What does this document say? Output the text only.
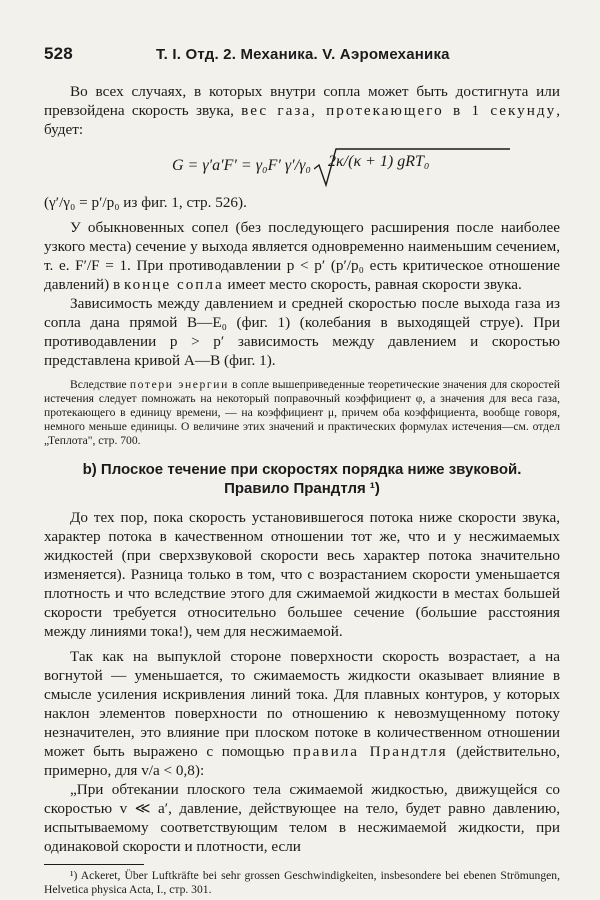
528	Т. I. Отд. 2. Механика. V. Аэромеханика

Во всех случаях, в которых внутри сопла может быть достигнута или превзойдена скорость звука, вес газа, протекающего в 1 секунду, будет:

G = γ′a′F′ = γ₀F′ γ′/γ₀ 2κ/(κ + 1) gRT₀

(γ′/γ₀ = p′/p₀ из фиг. 1, стр. 526).

У обыкновенных сопел (без последующего расширения после наиболее узкого места) сечение у выхода является одновременно наименьшим сечением, т. е. F′/F = 1. При противодавлении p < p′ (p′/p₀ есть критическое отношение давлений) в конце сопла имеет место скорость, равная скорости звука.

Зависимость между давлением и средней скоростью после выхода газа из сопла дана прямой B—E₀ (фиг. 1) (колебания в выходящей струе). При противодавлении p > p′ зависимость между давлением и скоростью представлена кривой A—B (фиг. 1).

Вследствие потери энергии в сопле вышеприведенные теоретические значения для скоростей истечения следует помножать на некоторый поправочный коэффициент φ, а значения для веса газа, протекающего в единицу времени, — на коэффициент μ, причем оба коэффициента, вообще говоря, немного меньше единицы. О величине этих значений и практических формулах истечения—см. отдел „Теплота", стр. 700.

b) Плоское течение при скоростях порядка ниже звуковой.
Правило Прандтля ¹)

До тех пор, пока скорость установившегося потока ниже скорости звука, характер потока в качественном отношении тот же, что и у несжимаемых жидкостей (при сверхзвуковой скорости весь характер потока значительно изменяется). Разница только в том, что с возрастанием скорости уменьшается плотность и что вследствие этого для сжимаемой жидкости в местах большей скорости требуется относительно большее сечение (большие расстояния между линиями тока!), чем для несжимаемой.

Так как на выпуклой стороне поверхности скорость возрастает, а на вогнутой — уменьшается, то сжимаемость жидкости оказывает влияние в смысле усиления искривления линий тока. Для плавных контуров, у которых наклон элементов поверхности по отношению к невозмущенному потоку незначителен, это влияние при плоском потоке в количественном отношении может быть выражено с помощью правила Прандтля (действительно, примерно, для v/a < 0,8):

„При обтекании плоского тела сжимаемой жидкостью, движущейся со скоростью v ≪ a′, давление, действующее на тело, будет равно давлению, испытываемому соответствующим телом в несжимаемой жидкости, при одинаковой скорости и плотности, если

¹) Ackeret, Über Luftkräfte bei sehr grossen Geschwindigkeiten, insbesondere bei ebenen Strömungen, Helvetica physica Acta, I., стр. 301.
